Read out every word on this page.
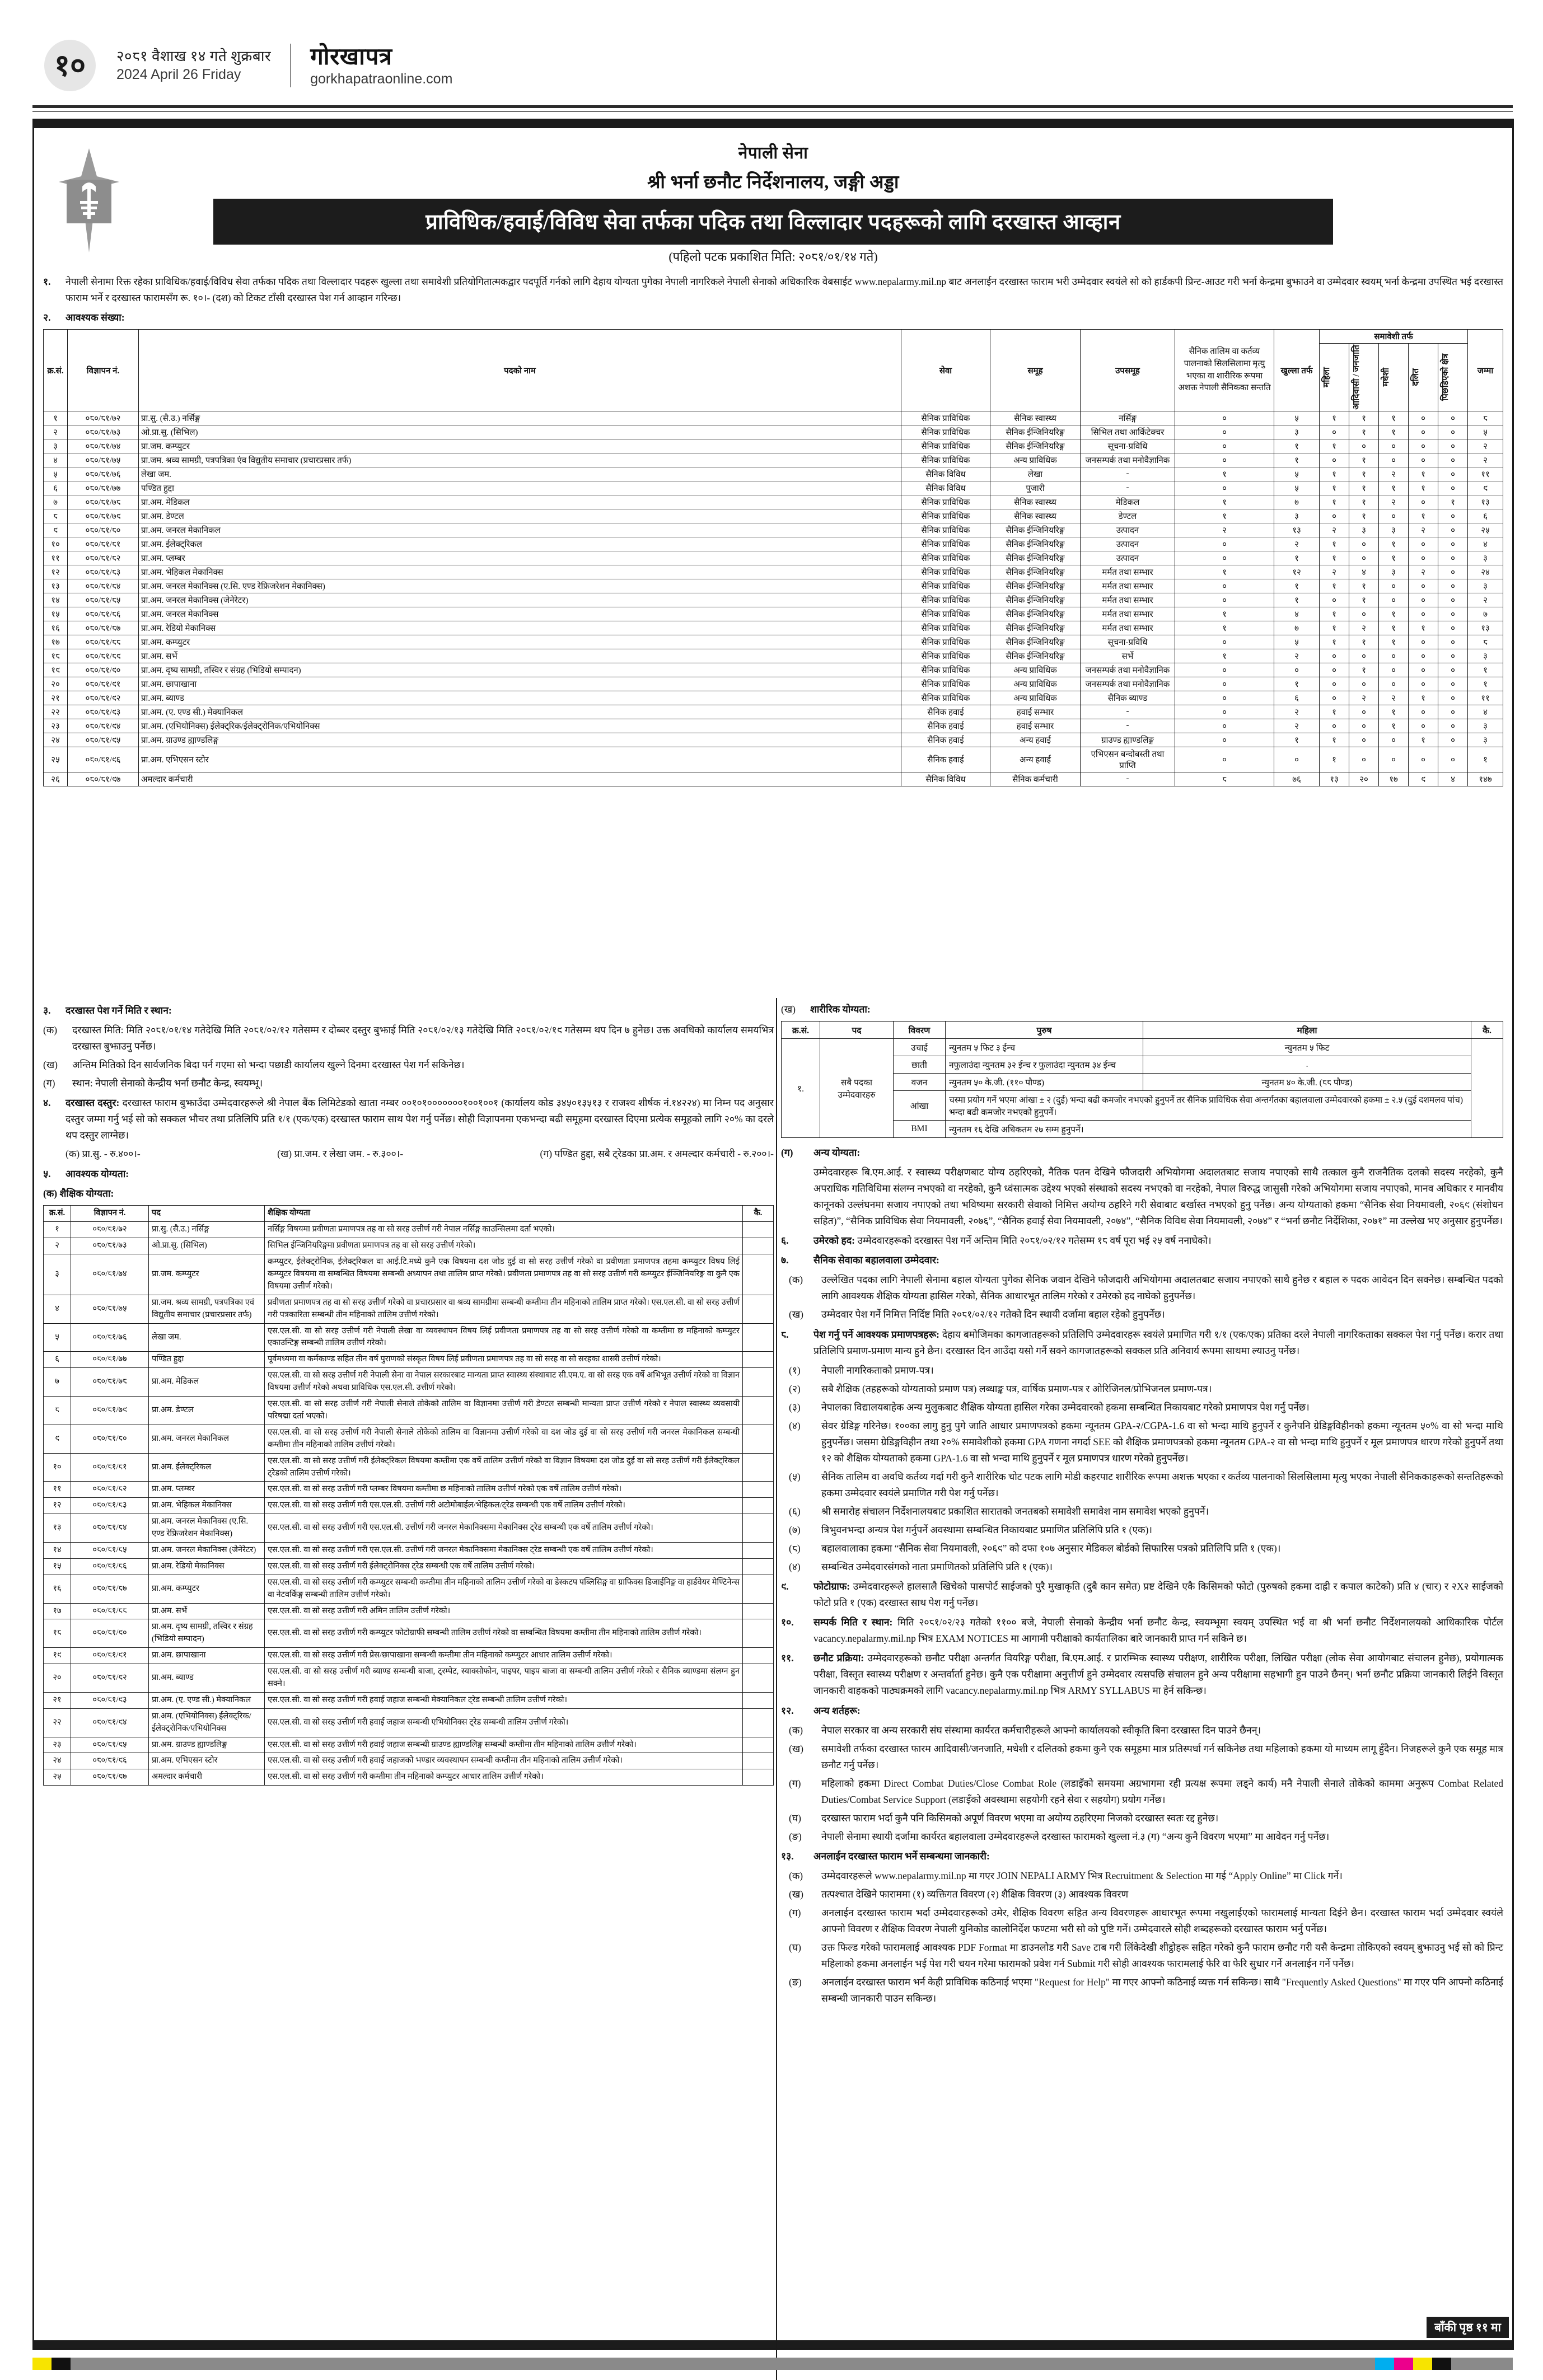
१०	२०८१ वैशाख १४ गते शुक्रबार
2024 April 26 Friday
गोरखापत्र
gorkhapatraonline.com
नेपाली सेना
श्री भर्ना छनौट निर्देशनालय, जङ्गी अड्डा
प्राविधिक/हवाई/विविध सेवा तर्फका पदिक तथा विल्लादार पदहरूको लागि दरखास्त आव्हान
(पहिलो पटक प्रकाशित मिति: २०८१/०१/१४ गते)
१.	नेपाली सेनामा रिक्त रहेका प्राविधिक/हवाई/विविध सेवा तर्फका पदिक तथा विल्लादार पदहरू खुल्ला तथा समावेशी प्रतियोगितात्मकद्वार पदपूर्ति गर्नको लागि देहाय योग्यता पुगेका नेपाली नागरिकले नेपाली सेनाको अधिकारिक वेबसाईट www.nepalarmy.mil.np बाट अनलाईन दरखास्त फाराम भरी उम्मेदवार स्वयंले सो को हार्डकपी प्रिन्ट-आउट गरी भर्ना केन्द्रमा बुझाउने वा उम्मेदवार स्वयम् भर्ना केन्द्रमा उपस्थित भई दरखास्त फाराम भर्ने र दरखास्त फारामसँग रू. १०।- (दश) को टिकट टाँसी दरखास्त पेश गर्न आव्हान गरिन्छ।
२.	आवश्यक संख्या:
क्र.सं.	विज्ञापन नं.	पदको नाम	सेवा	समूह	उपसमूह	सैनिक तालिम वा कर्तव्य पालनाको सिलसिलामा मृत्यु भएका वा शारीरिक रूपमा अशक्त नेपाली सैनिकका सन्तति	खुल्ला तर्फ	समावेशी तर्फ					जम्मा

								महिला	आदिवासी / जनजाति	मधेशी	दलित	पिछडिएको क्षेत्र	

१	०८०/८१/७२	प्रा.सु. (सै.उ.) नर्सिङ्ग	सैनिक प्राविधिक	सैनिक स्वास्थ्य	नर्सिङ्ग	०	५	१	१	१	०	०	८
२	०८०/८१/७३	ओ.प्रा.सु. (सिभिल)	सैनिक प्राविधिक	सैनिक ईन्जिनियरिङ्ग	सिभिल तथा आर्किटेक्चर	०	३	०	१	१	०	०	५
३	०८०/८१/७४	प्रा.जम. कम्प्युटर	सैनिक प्राविधिक	सैनिक ईन्जिनियरिङ्ग	सूचना-प्रविधि	०	१	१	०	०	०	०	२
४	०८०/८१/७५	प्रा.जम. श्रव्य सामग्री, पत्रपत्रिका एंव विद्युतीय समाचार (प्रचारप्रसार तर्फ)	सैनिक प्राविधिक	अन्य प्राविधिक	जनसम्पर्क तथा मनोवैज्ञानिक	०	१	०	१	०	०	०	२
५	०८०/८१/७६	लेखा जम.	सैनिक विविध	लेखा	-	१	५	१	१	२	१	०	११
६	०८०/८१/७७	पण्डित हुद्दा	सैनिक विविध	पुजारी	-	०	५	१	१	१	१	०	९
७	०८०/८१/७८	प्रा.अम. मेडिकल	सैनिक प्राविधिक	सैनिक स्वास्थ्य	मेडिकल	१	७	१	१	२	०	१	१३
८	०८०/८१/७९	प्रा.अम. डेण्टल	सैनिक प्राविधिक	सैनिक स्वास्थ्य	डेण्टल	१	३	०	१	०	१	०	६
९	०८०/८१/८०	प्रा.अम. जनरल मेकानिकल	सैनिक प्राविधिक	सैनिक ईन्जिनियरिङ्ग	उत्पादन	२	१३	२	३	३	२	०	२५
१०	०८०/८१/८१	प्रा.अम. ईलेक्ट्रिकल	सैनिक प्राविधिक	सैनिक ईन्जिनियरिङ्ग	उत्पादन	०	२	१	०	१	०	०	४
११	०८०/८१/८२	प्रा.अम. प्लम्बर	सैनिक प्राविधिक	सैनिक ईन्जिनियरिङ्ग	उत्पादन	०	१	१	०	१	०	०	३
१२	०८०/८१/८३	प्रा.अम. भेहिकल मेकानिक्स	सैनिक प्राविधिक	सैनिक ईन्जिनियरिङ्ग	मर्मत तथा सम्भार	१	१२	२	४	३	२	०	२४
१३	०८०/८१/८४	प्रा.अम. जनरल मेकानिक्स (ए.सि. एण्ड रेफ्रिजरेशन मेकानिक्स)	सैनिक प्राविधिक	सैनिक ईन्जिनियरिङ्ग	मर्मत तथा सम्भार	०	१	१	१	०	०	०	३
१४	०८०/८१/८५	प्रा.अम. जनरल मेकानिक्स (जेनेरेटर)	सैनिक प्राविधिक	सैनिक ईन्जिनियरिङ्ग	मर्मत तथा सम्भार	०	१	०	१	०	०	०	२
१५	०८०/८१/८६	प्रा.अम. जनरल मेकानिक्स	सैनिक प्राविधिक	सैनिक ईन्जिनियरिङ्ग	मर्मत तथा सम्भार	१	४	१	०	१	०	०	७
१६	०८०/८१/८७	प्रा.अम. रेडियो मेकानिक्स	सैनिक प्राविधिक	सैनिक ईन्जिनियरिङ्ग	मर्मत तथा सम्भार	१	७	१	२	१	१	०	१३
१७	०८०/८१/८८	प्रा.अम. कम्प्युटर	सैनिक प्राविधिक	सैनिक ईन्जिनियरिङ्ग	सूचना-प्रविधि	०	५	१	१	१	०	०	८
१८	०८०/८१/८९	प्रा.अम. सर्भे	सैनिक प्राविधिक	सैनिक ईन्जिनियरिङ्ग	सर्भे	१	२	०	०	०	०	०	३
१९	०८०/८१/९०	प्रा.अम. दृष्य सामग्री, तस्विर र संग्रह (भिडियो सम्पादन)	सैनिक प्राविधिक	अन्य प्राविधिक	जनसम्पर्क तथा मनोवैज्ञानिक	०	०	०	१	०	०	०	१
२०	०८०/८१/९१	प्रा.अम. छापाखाना	सैनिक प्राविधिक	अन्य प्राविधिक	जनसम्पर्क तथा मनोवैज्ञानिक	०	१	०	०	०	०	०	१
२१	०८०/८१/९२	प्रा.अम. ब्याण्ड	सैनिक प्राविधिक	अन्य प्राविधिक	सैनिक ब्याण्ड	०	६	०	२	२	१	०	११
२२	०८०/८१/९३	प्रा.अम. (ए. एण्ड सी.) मेक्यानिकल	सैनिक हवाई	हवाई सम्भार	-	०	२	१	०	१	०	०	४
२३	०८०/८१/९४	प्रा.अम. (एभियोनिक्स) ईलेक्ट्रिक/ईलेक्ट्रोनिक/एभियोनिक्स	सैनिक हवाई	हवाई सम्भार	-	०	२	०	०	१	०	०	३
२४	०८०/८१/९५	प्रा.अम. ग्राउण्ड ह्याण्डलिङ्ग	सैनिक हवाई	अन्य हवाई	ग्राउण्ड ह्याण्डलिङ्ग	०	१	१	०	०	१	०	३
२५	०८०/८१/९६	प्रा.अम. एभिएसन स्टोर	सैनिक हवाई	अन्य हवाई	एभिएसन बन्दोबस्ती तथा प्राप्ति	०	०	१	०	०	०	०	१
२६	०८०/८१/९७	अमल्दार कर्मचारी	सैनिक विविध	सैनिक कर्मचारी	-	८	७६	१३	२०	१७	९	४	१४७
३.	दरखास्त पेश गर्ने मिति र स्थान:
(क)	दरखास्त मिति: मिति २०८१/०१/१४ गतेदेखि मिति २०८१/०२/१२ गतेसम्म र दोब्बर दस्तुर बुझाई मिति २०८१/०२/१३ गतेदेखि मिति २०८१/०२/१९ गतेसम्म थप दिन ७ हुनेछ। उक्त अवधिको कार्यालय समयभित्र दरखास्त बुझाउनु पर्नेछ।
(ख)	अन्तिम मितिको दिन सार्वजनिक बिदा पर्न गएमा सो भन्दा पछाडी कार्यालय खुल्ने दिनमा दरखास्त पेश गर्न सकिनेछ।
(ग)	स्थान: नेपाली सेनाको केन्द्रीय भर्ना छनौट केन्द्र, स्वयम्भू।
४.	दरखास्त दस्तुर: दरखास्त फाराम बुझाउँदा उम्मेदवारहरूले श्री नेपाल बैंक लिमिटेडको खाता नम्बर ००१०१०००००००१००१००१ (कार्यालय कोड ३४५०१३५१३ र राजश्व शीर्षक नं.१४२२४) मा निम्न पद अनुसार दस्तुर जम्मा गर्नु भई सो को सक्कल भौचर तथा प्रतिलिपि प्रति १/१ (एक/एक) दरखास्त फाराम साथ पेश गर्नु पर्नेछ। सोही विज्ञापनमा एकभन्दा बढी समूहमा दरखास्त दिएमा प्रत्येक समूहको लागि २०% का दरले थप दस्तुर लाग्नेछ।
(क) प्रा.सु. - रु.४००।-	(ख) प्रा.जम. र लेखा जम. - रु.३००।-	(ग) पण्डित हुद्दा, सबै ट्रेडका प्रा.अम. र अमल्दार कर्मचारी - रु.२००।-
५.	आवश्यक योग्यता:
(क) शैक्षिक योग्यता:
क्र.सं.	विज्ञापन नं.	पद	शैक्षिक योग्यता	कै.
१	०८०/८१/७२	प्रा.सु. (सै.उ.) नर्सिङ्ग	नर्सिङ्ग विषयमा प्रवीणता प्रमाणपत्र तह वा सो सरह उत्तीर्ण गरी नेपाल नर्सिङ्ग काउन्सिलमा दर्ता भएको।	
२	०८०/८१/७३	ओ.प्रा.सु. (सिभिल)	सिभिल ईन्जिनियरिङ्गमा प्रवीणता प्रमाणपत्र तह वा सो सरह उत्तीर्ण गरेको।	
३	०८०/८१/७४	प्रा.जम. कम्प्युटर	कम्प्युटर, ईलेक्ट्रोनिक, ईलेक्ट्रिकल वा आई.टि.मध्ये कुनै एक विषयमा दश जोड दुई वा सो सरह उत्तीर्ण गरेको वा प्रवीणता प्रमाणपत्र तहमा कम्प्युटर विषय लिई कम्प्युटर विषयमा वा सम्बन्धित विषयमा सम्बन्धी अध्यापन तथा तालिम प्राप्त गरेको। प्रवीणता प्रमाणपत्र तह वा सो सरह उत्तीर्ण गरी कम्प्युटर ईञ्जिनियरिङ्ग वा कुनै एक विषयमा उत्तीर्ण गरेको।	
४	०८०/८१/७५	प्रा.जम. श्रव्य सामग्री, पत्रपत्रिका एवं विद्युतीय समाचार (प्रचारप्रसार तर्फ)	प्रवीणता प्रमाणपत्र तह वा सो सरह उत्तीर्ण गरेको वा प्रचारप्रसार वा श्रव्य सामग्रीमा सम्बन्धी कम्तीमा तीन महिनाको तालिम प्राप्त गरेको। एस.एल.सी. वा सो सरह उत्तीर्ण गरी पत्रकारिता सम्बन्धी तीन महिनाको तालिम उत्तीर्ण गरेको।	
५	०८०/८१/७६	लेखा जम.	एस.एल.सी. वा सो सरह उत्तीर्ण गरी नेपाली लेखा वा व्यवस्थापन विषय लिई प्रवीणता प्रमाणपत्र तह वा सो सरह उत्तीर्ण गरेको वा कम्तीमा छ महिनाको कम्प्युटर एकाउन्टिङ्ग सम्बन्धी तालिम उत्तीर्ण गरेको।	
६	०८०/८१/७७	पण्डित हुद्दा	पूर्वमध्यमा वा कर्मकाण्ड सहित तीन वर्ष पुराणको संस्कृत विषय लिई प्रवीणता प्रमाणपत्र तह वा सो सरह वा सो सरहका शास्त्री उत्तीर्ण गरेको।	
७	०८०/८१/७८	प्रा.अम. मेडिकल	एस.एल.सी. वा सो सरह उत्तीर्ण गरी नेपाली सेना वा नेपाल सरकारबाट मान्यता प्राप्त स्वास्थ्य संस्थाबाट सी.एम.ए. वा सो सरह एक वर्षे अभिभूत उत्तीर्ण गरेको वा विज्ञान विषयमा उत्तीर्ण गरेको अथवा प्राविधिक एस.एल.सी. उत्तीर्ण गरेको।	
८	०८०/८१/७९	प्रा.अम. डेण्टल	एस.एल.सी. वा सो सरह उत्तीर्ण गरी नेपाली सेनाले तोकेको तालिम वा विज्ञानमा उत्तीर्ण गरी डेण्टल सम्बन्धी मान्यता प्राप्त उत्तीर्ण गरेको र नेपाल स्वास्थ्य व्यवसायी परिषद्मा दर्ता भएको।	
९	०८०/८१/८०	प्रा.अम. जनरल मेकानिकल	एस.एल.सी. वा सो सरह उत्तीर्ण गरी नेपाली सेनाले तोकेको तालिम वा विज्ञानमा उत्तीर्ण गरेको वा दश जोड दुई वा सो सरह उत्तीर्ण गरी जनरल मेकानिकल सम्बन्धी कम्तीमा तीन महिनाको तालिम उत्तीर्ण गरेको।	
१०	०८०/८१/८१	प्रा.अम. ईलेक्ट्रिकल	एस.एल.सी. वा सो सरह उत्तीर्ण गरी ईलेक्ट्रिकल विषयमा कम्तीमा एक वर्षे तालिम उत्तीर्ण गरेको वा विज्ञान विषयमा दश जोड दुई वा सो सरह उत्तीर्ण गरी ईलेक्ट्रिकल ट्रेडको तालिम उत्तीर्ण गरेको।	
११	०८०/८१/८२	प्रा.अम. प्लम्बर	एस.एल.सी. वा सो सरह उत्तीर्ण गरी प्लम्बर विषयमा कम्तीमा छ महिनाको तालिम उत्तीर्ण गरेको एक वर्षे तालिम उत्तीर्ण गरेको।	
१२	०८०/८१/८३	प्रा.अम. भेहिकल मेकानिक्स	एस.एल.सी. वा सो सरह उत्तीर्ण गरी एस.एल.सी. उत्तीर्ण गरी अटोमोबाईल/भेहिकल/ट्रेड सम्बन्धी एक वर्षे तालिम उत्तीर्ण गरेको।	
१३	०८०/८१/८४	प्रा.अम. जनरल मेकानिक्स (ए.सि. एण्ड रेफ्रिजरेशन मेकानिक्स)	एस.एल.सी. वा सो सरह उत्तीर्ण गरी एस.एल.सी. उत्तीर्ण गरी जनरल मेकानिक्समा मेकानिक्स ट्रेड सम्बन्धी एक वर्षे तालिम उत्तीर्ण गरेको।	
१४	०८०/८१/८५	प्रा.अम. जनरल मेकानिक्स (जेनेरेटर)	एस.एल.सी. वा सो सरह उत्तीर्ण गरी एस.एल.सी. उत्तीर्ण गरी जनरल मेकानिक्समा मेकानिक्स ट्रेड सम्बन्धी एक वर्षे तालिम उत्तीर्ण गरेको।	
१५	०८०/८१/८६	प्रा.अम. रेडियो मेकानिक्स	एस.एल.सी. वा सो सरह उत्तीर्ण गरी ईलेक्ट्रोनिक्स ट्रेड सम्बन्धी एक वर्षे तालिम उत्तीर्ण गरेको।	
१६	०८०/८१/८७	प्रा.अम. कम्प्युटर	एस.एल.सी. वा सो सरह उत्तीर्ण गरी कम्प्युटर सम्बन्धी कम्तीमा तीन महिनाको तालिम उत्तीर्ण गरेको वा डेस्कटप पब्लिसिङ्ग वा ग्राफिक्स डिजाईनिङ्ग वा हार्डवेयर मेण्टिनेन्स वा नेटवर्किङ्ग सम्बन्धी तालिम उत्तीर्ण गरेको।	
१७	०८०/८१/८८	प्रा.अम. सर्भे	एस.एल.सी. वा सो सरह उत्तीर्ण गरी अमिन तालिम उत्तीर्ण गरेको।	
१८	०८०/८१/९०	प्रा.अम. दृष्य सामग्री, तस्विर र संग्रह (भिडियो सम्पादन)	एस.एल.सी. वा सो सरह उत्तीर्ण गरी कम्प्युटर फोटोग्राफी सम्बन्धी तालिम उत्तीर्ण गरेको वा सम्बन्धित विषयमा कम्तीमा तीन महिनाको तालिम उत्तीर्ण गरेको।	
१९	०८०/८१/९१	प्रा.अम. छापाखाना	एस.एल.सी. वा सो सरह उत्तीर्ण गरी प्रेस/छापाखाना सम्बन्धी कम्तीमा तीन महिनाको कम्प्युटर आधार तालिम उत्तीर्ण गरेको।	
२०	०८०/८१/९२	प्रा.अम. ब्याण्ड	एस.एल.सी. वा सो सरह उत्तीर्ण गरी ब्याण्ड सम्बन्धी बाजा, ट्रम्पेट, स्याक्सोफोन, पाइपर, पाइप बाजा वा सम्बन्धी तालिम उत्तीर्ण गरेको र सैनिक ब्याण्डमा संलग्न हुन सक्ने।	
२१	०८०/८१/९३	प्रा.अम. (ए. एण्ड सी.) मेक्यानिकल	एस.एल.सी. वा सो सरह उत्तीर्ण गरी हवाई जहाज सम्बन्धी मेक्यानिकल ट्रेड सम्बन्धी तालिम उत्तीर्ण गरेको।	
२२	०८०/८१/९४	प्रा.अम. (एभियोनिक्स) ईलेक्ट्रिक/ईलेक्ट्रोनिक/एभियोनिक्स	एस.एल.सी. वा सो सरह उत्तीर्ण गरी हवाई जहाज सम्बन्धी एभियोनिक्स ट्रेड सम्बन्धी तालिम उत्तीर्ण गरेको।	
२३	०८०/८१/९५	प्रा.अम. ग्राउण्ड ह्याण्डलिङ्ग	एस.एल.सी. वा सो सरह उत्तीर्ण गरी हवाई जहाज सम्बन्धी ग्राउण्ड ह्याण्डलिङ्ग सम्बन्धी कम्तीमा तीन महिनाको तालिम उत्तीर्ण गरेको।	
२४	०८०/८१/९६	प्रा.अम. एभिएसन स्टोर	एस.एल.सी. वा सो सरह उत्तीर्ण गरी हवाई जहाजको भण्डार व्यवस्थापन सम्बन्धी कम्तीमा तीन महिनाको तालिम उत्तीर्ण गरेको।	
२५	०८०/८१/९७	अमल्दार कर्मचारी	एस.एल.सी. वा सो सरह उत्तीर्ण गरी कम्तीमा तीन महिनाको कम्प्युटर आधार तालिम उत्तीर्ण गरेको।	
(ख)	शारीरिक योग्यता:
क्र.सं.	पद	विवरण	पुरुष	महिला	कै.
१.	सबै पदका उम्मेदवारहरु	उचाई	न्युनतम ५ फिट ३ ईन्च	न्युनतम ५ फिट	
		छाती	नफुलाउंदा न्युनतम ३२ ईन्च र फुलाउंदा न्युनतम ३४ ईन्च	.	
		वजन	न्युनतम ५० के.जी. (११० पौण्ड)	न्युनतम ४० के.जी. (८८ पौण्ड)	
		आंखा	चस्मा प्रयोग गर्ने भएमा आंखा ± २ (दुई) भन्दा बढी कमजोर नभएको हुनुपर्ने तर सैनिक प्राविधिक सेवा अन्तर्गतका बहालवाला उम्मेदवारको हकमा ± २.५ (दुई दशमलव पांच) भन्दा बढी कमजोर नभएको हुनुपर्ने।		
		BMI	न्युनतम १६ देखि अधिकतम २७ सम्म हुनुपर्ने।		
(ग)	अन्य योग्यता:
उम्मेदवारहरू बि.एम.आई. र स्वास्थ्य परीक्षणबाट योग्य ठहरिएको, नैतिक पतन देखिने फौजदारी अभियोगमा अदालतबाट सजाय नपाएको साथै तत्काल कुनै राजनैतिक दलको सदस्य नरहेको, कुनै अपराधिक गतिविधिमा संलग्न नभएको वा नरहेको, कुनै ध्वंसात्मक उद्देश्य भएको संस्थाको सदस्य नभएको वा नरहेको, नेपाल विरुद्ध जासुसी गरेको अभियोगमा सजाय नपाएको, मानव अधिकार र मानवीय कानूनको उल्लंघनमा सजाय नपाएको तथा भविष्यमा सरकारी सेवाको निमित्त अयोग्य ठहरिने गरी सेवाबाट बर्खास्त नभएको हुनु पर्नेछ। अन्य योग्यताको हकमा “सैनिक सेवा नियमावली, २०६९ (संशोधन सहित)”, “सैनिक प्राविधिक सेवा नियमावली, २०७६”, “सैनिक हवाई सेवा नियमावली, २०७४”, “सैनिक विविध सेवा नियमावली, २०७४” र “भर्ना छनौट निर्देशिका, २०७१” मा उल्लेख भए अनुसार हुनुपर्नेछ।
६.	उमेरको हद: उम्मेदवारहरूको दरखास्त पेश गर्ने अन्तिम मिति २०८१/०२/१२ गतेसम्म १८ वर्ष पूरा भई २५ वर्ष ननाघेको।
७.	सैनिक सेवाका बहालवाला उम्मेदवार:
(क)	उल्लेखित पदका लागि नेपाली सेनामा बहाल योग्यता पुगेका सैनिक जवान देखिने फौजदारी अभियोगमा अदालतबाट सजाय नपाएको साथै हुनेछ र बहाल रु पदक आवेदन दिन सक्नेछ। सम्बन्धित पदको लागि आवश्यक शैक्षिक योग्यता हासिल गरेको, सैनिक आधारभूत तालिम गरेको र उमेरको हद नाघेको हुनुपर्नेछ।
(ख)	उम्मेदवार पेश गर्ने निमित्त निर्दिष्ट मिति २०८१/०२/१२ गतेको दिन स्थायी दर्जामा बहाल रहेको हुनुपर्नेछ।
८.	पेश गर्नु पर्ने आवश्यक प्रमाणपत्रहरू: देहाय बमोजिमका कागजातहरूको प्रतिलिपि उम्मेदवारहरू स्वयंले प्रमाणित गरी १/१ (एक/एक) प्रतिका दरले नेपाली नागरिकताका सक्कल पेश गर्नु पर्नेछ। करार तथा प्रतिलिपि प्रमाण-प्रमाण मान्य हुने छैन। दरखास्त दिन आउँदा यसो गर्नै सक्ने कागजातहरूको सक्कल प्रति अनिवार्य रूपमा साथमा ल्याउनु पर्नेछ।
(१)	नेपाली नागरिकताको प्रमाण-पत्र।
(२)	सबै शैक्षिक (तहहरूको योग्यताको प्रमाण पत्र) लब्धाङ्क पत्र, वार्षिक प्रमाण-पत्र र ओरिजिनल/प्रोभिजनल प्रमाण-पत्र।
(३)	नेपालका विद्यालयबाहेक अन्य मुलुकबाट शैक्षिक योग्यता हासिल गरेका उम्मेदवारको हकमा सम्बन्धित निकायबाट गरेको प्रमाणपत्र पेश गर्नु पर्नेछ।
(४)	सेवर ग्रेडिङ्ग गरिनेछ। १००का लागु हुनु पुगे जाति आधार प्रमाणपत्रको हकमा न्यूनतम GPA-२/CGPA-1.6 वा सो भन्दा माथि हुनुपर्ने र कुनैपनि ग्रेडिङ्गविहीनको हकमा न्यूनतम ५०% वा सो भन्दा माथि हुनुपर्नेछ। जसमा ग्रेडिङ्गविहीन तथा २०% समावेशीको हकमा GPA गणना नगर्दा SEE को शैक्षिक प्रमाणपत्रको हकमा न्यूनतम GPA-२ वा सो भन्दा माथि हुनुपर्ने र मूल प्रमाणपत्र धारण गरेको हुनुपर्ने तथा १२ को शैक्षिक योग्यताको हकमा GPA-1.6 वा सो भन्दा माथि हुनुपर्ने र मूल प्रमाणपत्र धारण गरेको हुनुपर्नेछ।
(५)	सैनिक तालिम वा अवधि कर्तव्य गर्दा गरी कुनै शारीरिक चोट पटक लागि मोडी कहरपाट शारीरिक रूपमा अशक्त भएका र कर्तव्य पालनाको सिलसिलामा मृत्यु भएका नेपाली सैनिककाहरूको सन्ततिहरूको हकमा उम्मेदवार स्वयंले प्रमाणित गरी पेश गर्नु पर्नेछ।
(६)	श्री समारोह संचालन निर्देशनालयबाट प्रकाशित सारातको जनतबको समावेशी समावेश नाम समावेश भएको हुनुपर्ने।
(७)	त्रिभुवनभन्दा अन्यत्र पेश गर्नुपर्ने अवस्थामा सम्बन्धित निकायबाट प्रमाणित प्रतिलिपि प्रति १ (एक)।
(८)	बहालवालाका हकमा “सैनिक सेवा नियमावली, २०६९” को दफा १०७ अनुसार मेडिकल बोर्डको सिफारिस पत्रको प्रतिलिपि प्रति १ (एक)।
(४)	सम्बन्धित उम्मेदवारसंगको नाता प्रमाणितको प्रतिलिपि प्रति १ (एक)।
९.	फोटोग्राफ: उम्मेदवारहरूले हालसालै खिचेको पासपोर्ट साईजको पुरै मुखाकृति (दुबै कान समेत) प्रष्ट देखिने एकै किसिमको फोटो (पुरुषको हकमा दाह्री र कपाल काटेको) प्रति ४ (चार) र २X२ साईजको फोटो प्रति १ (एक) दरखास्त साथ पेश गर्नु पर्नेछ।
१०.	सम्पर्क मिति र स्थान: मिति २०८१/०२/२३ गतेको ११०० बजे, नेपाली सेनाको केन्द्रीय भर्ना छनौट केन्द्र, स्वयम्भूमा स्वयम् उपस्थित भई वा श्री भर्ना छनौट निर्देशनालयको आधिकारिक पोर्टल vacancy.nepalarmy.mil.np भित्र EXAM NOTICES मा आगामी परीक्षाको कार्यतालिका बारे जानकारी प्राप्त गर्न सकिने छ।
११.	छनौट प्रक्रिया: उम्मेदवारहरूको छनौट परीक्षा अन्तर्गत वियरिङ्ग परीक्षा, बि.एम.आई. र प्रारम्भिक स्वास्थ्य परीक्षण, शारीरिक परीक्षा, लिखित परीक्षा (लोक सेवा आयोगबाट संचालन हुनेछ), प्रयोगात्मक परीक्षा, विस्तृत स्वास्थ्य परीक्षण र अन्तर्वार्ता हुनेछ। कुनै एक परीक्षामा अनुत्तीर्ण हुने उम्मेदवार त्यसपछि संचालन हुने अन्य परीक्षामा सहभागी हुन पाउने छैनन्। भर्ना छनौट प्रक्रिया जानकारी लिईने विस्तृत जानकारी वाहकको पाठ्यक्रमको लागि vacancy.nepalarmy.mil.np भित्र ARMY SYLLABUS मा हेर्न सकिन्छ।
१२.	अन्य शर्तहरू:
(क)	नेपाल सरकार वा अन्य सरकारी संघ संस्थामा कार्यरत कर्मचारीहरूले आफ्नो कार्यालयको स्वीकृति बिना दरखास्त दिन पाउने छैनन्।
(ख)	समावेशी तर्फका दरखास्त फारम आदिवासी/जनजाति, मधेशी र दलितको हकमा कुनै एक समूहमा मात्र प्रतिस्पर्धा गर्न सकिनेछ तथा महिलाको हकमा यो माध्यम लागू हुँदैन। निजहरूले कुनै एक समूह मात्र छनौट गर्नु पर्नेछ।
(ग)	महिलाको हकमा Direct Combat Duties/Close Combat Role (लडाइँको समयमा अग्रभागमा रही प्रत्यक्ष रूपमा लड्ने कार्य) मनै नेपाली सेनाले तोकेको काममा अनुरूप Combat Related Duties/Combat Service Support (लडाइँको अवस्थामा सहयोगी रहने सेवा र सहयोग) प्रयोग गर्नेछ।
(घ)	दरखास्त फाराम भर्दा कुनै पनि किसिमको अपूर्ण विवरण भएमा वा अयोग्य ठहरिएमा निजको दरखास्त स्वतः रद्द हुनेछ।
(ङ)	नेपाली सेनामा स्थायी दर्जामा कार्यरत बहालवाला उम्मेदवारहरूले दरखास्त फारामको खुल्ला नं.३ (ग) “अन्य कुनै विवरण भएमा” मा आवेदन गर्नु पर्नेछ।
१३.	अनलाईन दरखास्त फाराम भर्ने सम्बन्धमा जानकारी:
(क)	उम्मेदवारहरूले www.nepalarmy.mil.np मा गएर JOIN NEPALI ARMY भित्र Recruitment & Selection मा गई “Apply Online” मा Click गर्ने।
(ख)	तत्पश्चात देखिने फाराममा (१) व्यक्तिगत विवरण (२) शैक्षिक विवरण (३) आवश्यक विवरण
(ग)	अनलाईन दरखास्त फाराम भर्दा उम्मेदवारहरूको उमेर, शैक्षिक विवरण सहित अन्य विवरणहरू आधारभूत रूपमा नखुलाईएको फारामलाई मान्यता दिईने छैन। दरखास्त फाराम भर्दा उम्मेदवार स्वयंले आफ्नो विवरण र शैक्षिक विवरण नेपाली युनिकोड कालोनिर्देश फण्टमा भरी सो को पुष्टि गर्ने। उम्मेदवारले सोही शब्दहरूको दरखास्त फाराम भर्नु पर्नेछ।
(घ)	उक्त फिल्ड गरेको फारामलाई आवश्यक PDF Format मा डाउनलोड गरी Save टाब गरी लिंकेदेखी शीट्ठोहरू सहित गरेको कुनै फाराम छनौट गरी यसै केन्द्रमा तोकिएको स्वयम् बुझाउनु भई सो को प्रिन्ट महिलाको हकमा अनलाईन भई पेश गरी चयन गरेमा फारामको प्रवेश गर्न Submit गरी सोही आवश्यक फारामलाई फेरि वा फेरि सुधार गर्ने अनलाईन गर्ने पर्नेछ।
(ङ)	अनलाईन दरखास्त फाराम भर्न केही प्राविधिक कठिनाई भएमा "Request for Help" मा गएर आफ्नो कठिनाई व्यक्त गर्न सकिन्छ। साथै "Frequently Asked Questions" मा गएर पनि आफ्नो कठिनाई सम्बन्धी जानकारी पाउन सकिन्छ।
बाँकी पृष्ठ ११ मा
